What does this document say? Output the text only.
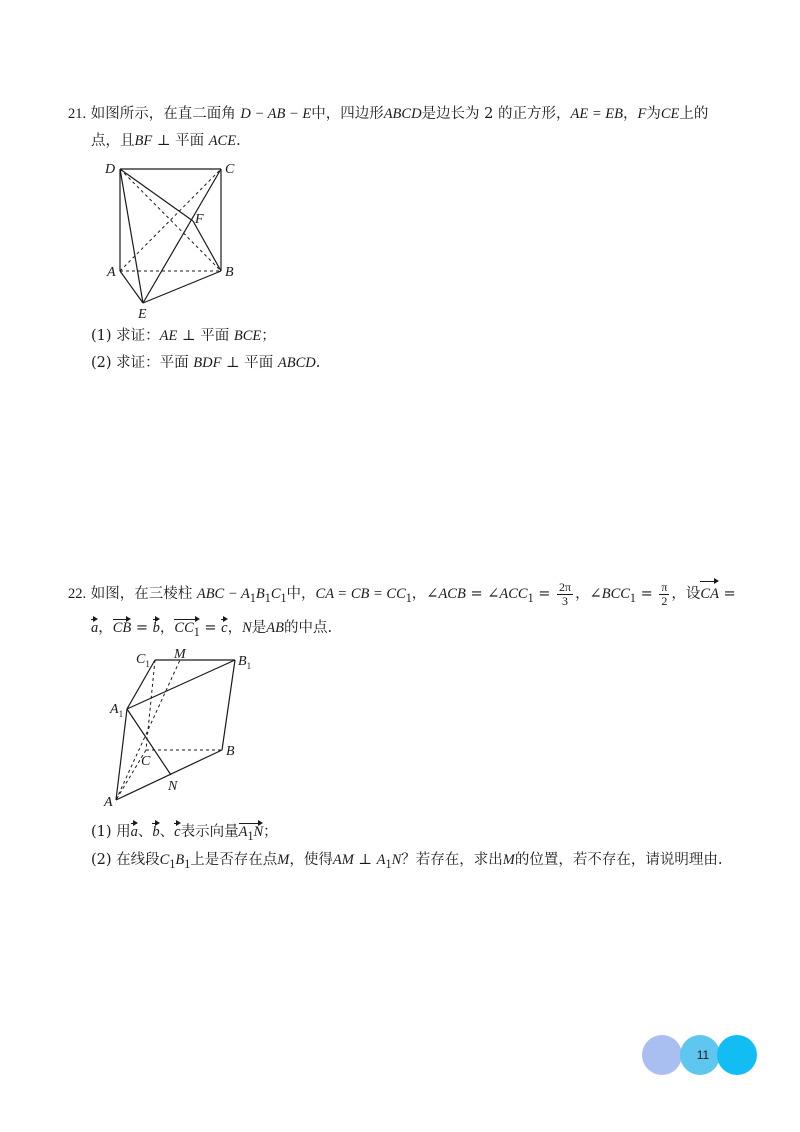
21. 如图所示，在直二面角 D − AB − E中，四边形ABCD是边长为 2 的正方形，AE = EB，F为CE上的
点，且BF ⊥ 平面 ACE.
D	C
F
A	B
E
(1) 求证：AE ⊥ 平面 BCE；
(2) 求证：平面 BDF ⊥ 平面 ABCD.
22. 如图，在三棱柱 ABC − $A_1B_1C_1$中，CA = CB = $CC_1$，∠ACB = $\angle ACC_1 = \frac{2\pi}{3}$ ，$\angle BCC_1 = \frac{\pi}{2}$ ，设CA =
a，CB = b，$CC_1 = c$，N是AB的中点.
$C_1$
M	$B_1$
$A_1$
C
B
N
A
(1) 用a、b、c表示向量$A_1N$；
(2) 在线段$C_1B_1$上是否存在点M，使得AM ⊥ $A_1N$？若存在，求出M的位置，若不存在，请说明理由.
11
